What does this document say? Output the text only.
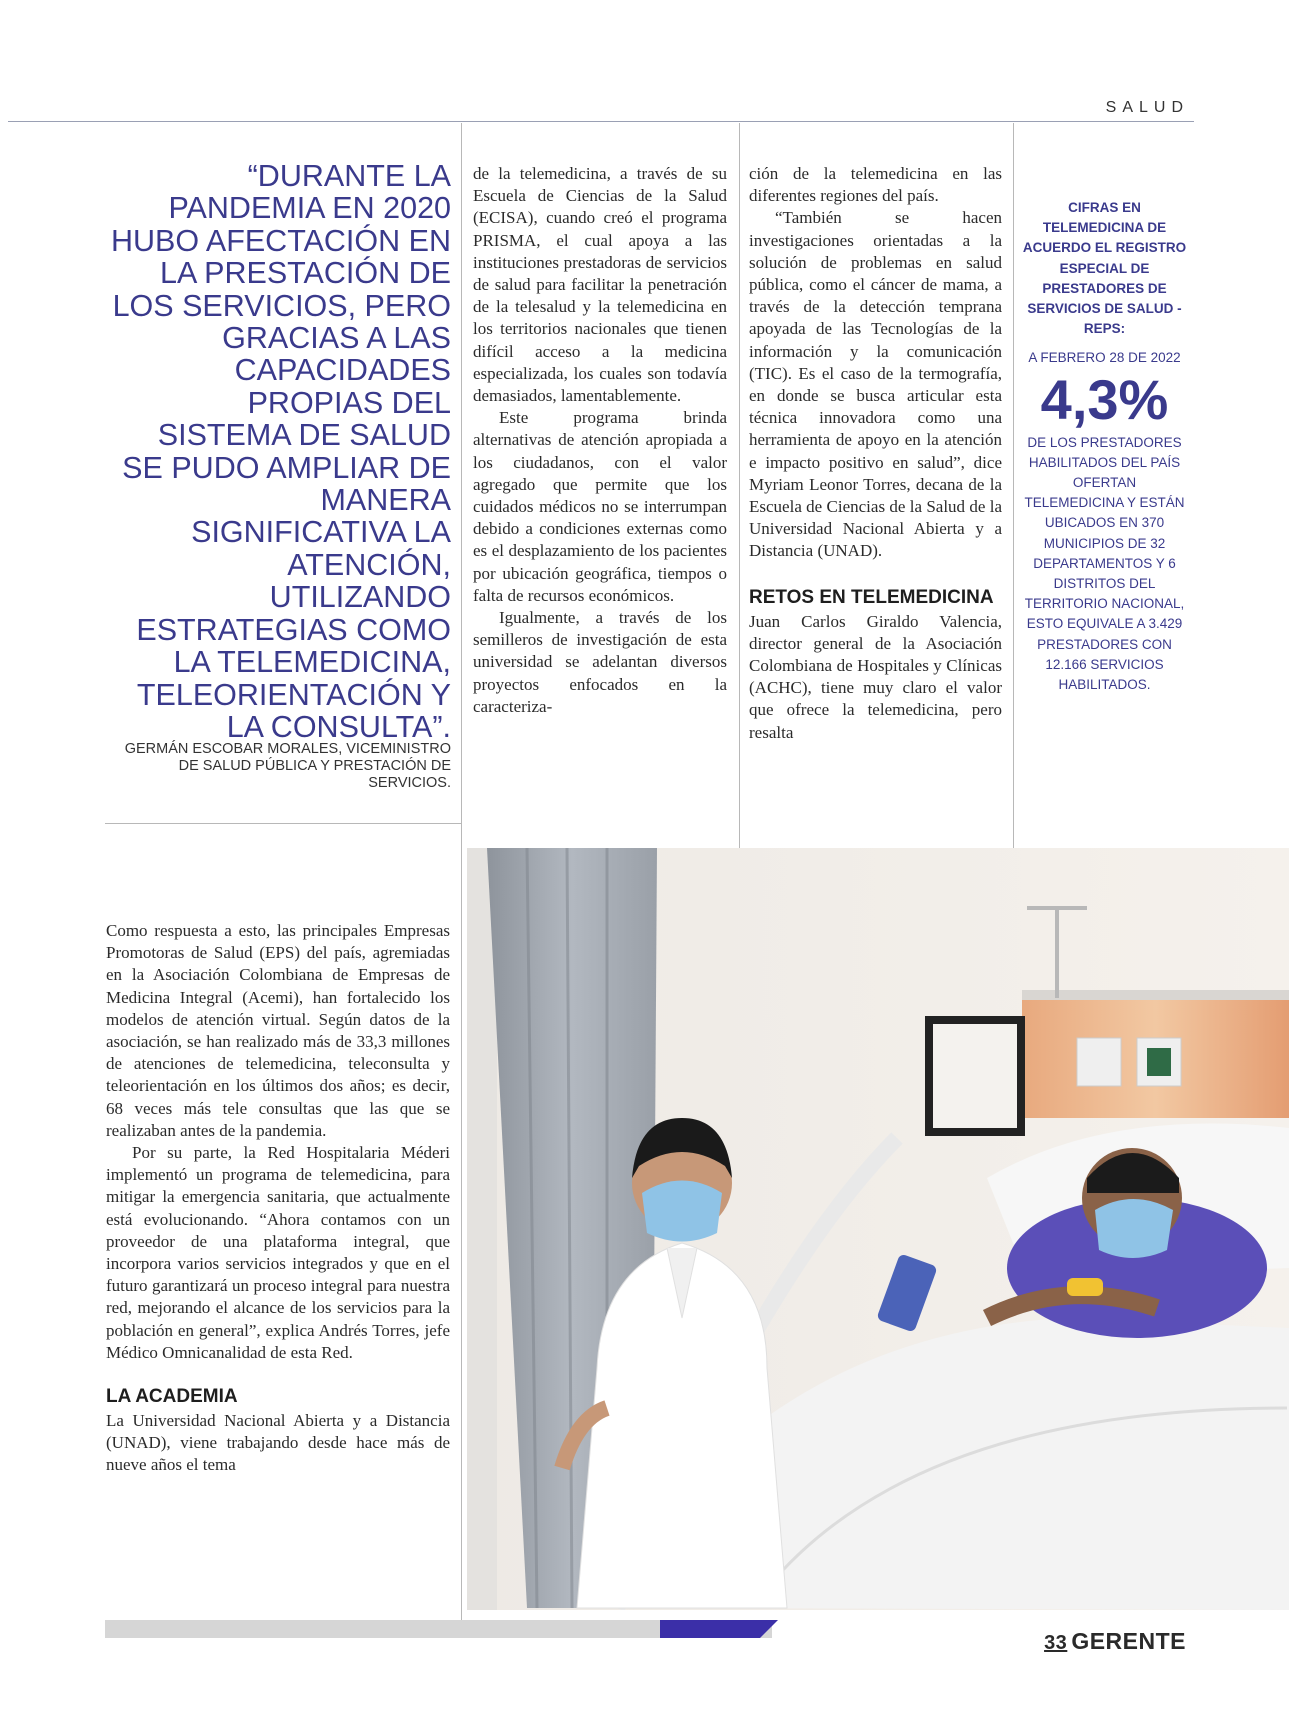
SALUD

“DURANTE LA PANDEMIA EN 2020 HUBO AFECTACIÓN EN LA PRESTACIÓN DE LOS SERVICIOS, PERO GRACIAS A LAS CAPACIDADES PROPIAS DEL SISTEMA DE SALUD SE PUDO AMPLIAR DE MANERA SIGNIFICATIVA LA ATENCIÓN, UTILIZANDO ESTRATEGIAS COMO LA TELEMEDICINA, TELEORIENTACIÓN Y LA CONSULTA”.

GERMÁN ESCOBAR MORALES, VICEMINISTRO DE SALUD PÚBLICA Y PRESTACIÓN DE SERVICIOS.

Como respuesta a esto, las principales Empresas Promotoras de Salud (EPS) del país, agremiadas en la Asociación Colombiana de Empresas de Medicina Integral (Acemi), han fortalecido los modelos de atención virtual. Según datos de la asociación, se han realizado más de 33,3 millones de atenciones de telemedicina, teleconsulta y teleorientación en los últimos dos años; es decir, 68 veces más tele consultas que las que se realizaban antes de la pandemia.

Por su parte, la Red Hospitalaria Méderi implementó un programa de telemedicina, para mitigar la emergencia sanitaria, que actualmente está evolucionando. “Ahora contamos con un proveedor de una plataforma integral, que incorpora varios servicios integrados y que en el futuro garantizará un proceso integral para nuestra red, mejorando el alcance de los servicios para la población en general”, explica Andrés Torres, jefe Médico Omnicanalidad de esta Red.

LA ACADEMIA

La Universidad Nacional Abierta y a Distancia (UNAD), viene trabajando desde hace más de nueve años el tema

de la telemedicina, a través de su Escuela de Ciencias de la Salud (ECISA), cuando creó el programa PRISMA, el cual apoya a las instituciones prestadoras de servicios de salud para facilitar la penetración de la telesalud y la telemedicina en los territorios nacionales que tienen difícil acceso a la medicina especializada, los cuales son todavía demasiados, lamentablemente.

Este programa brinda alternativas de atención apropiada a los ciudadanos, con el valor agregado que permite que los cuidados médicos no se interrumpan debido a condiciones externas como es el desplazamiento de los pacientes por ubicación geográfica, tiempos o falta de recursos económicos.

Igualmente, a través de los semilleros de investigación de esta universidad se adelantan diversos proyectos enfocados en la caracteriza-

ción de la telemedicina en las diferentes regiones del país.

“También se hacen investigaciones orientadas a la solución de problemas en salud pública, como el cáncer de mama, a través de la detección temprana apoyada de las Tecnologías de la información y la comunicación (TIC). Es el caso de la termografía, en donde se busca articular esta técnica innovadora como una herramienta de apoyo en la atención e impacto positivo en salud”, dice Myriam Leonor Torres, decana de la Escuela de Ciencias de la Salud de la Universidad Nacional Abierta y a Distancia (UNAD).

RETOS EN TELEMEDICINA

Juan Carlos Giraldo Valencia, director general de la Asociación Colombiana de Hospitales y Clínicas (ACHC), tiene muy claro el valor que ofrece la telemedicina, pero resalta

CIFRAS EN TELEMEDICINA DE ACUERDO EL REGISTRO ESPECIAL DE PRESTADORES DE SERVICIOS DE SALUD -REPS:
A FEBRERO 28 DE 2022
4,3%
DE LOS PRESTADORES HABILITADOS DEL PAÍS OFERTAN TELEMEDICINA Y ESTÁN UBICADOS EN 370 MUNICIPIOS DE 32 DEPARTAMENTOS Y 6 DISTRITOS DEL TERRITORIO NACIONAL, ESTO EQUIVALE A 3.429 PRESTADORES CON 12.166 SERVICIOS HABILITADOS.
33 GERENTE
